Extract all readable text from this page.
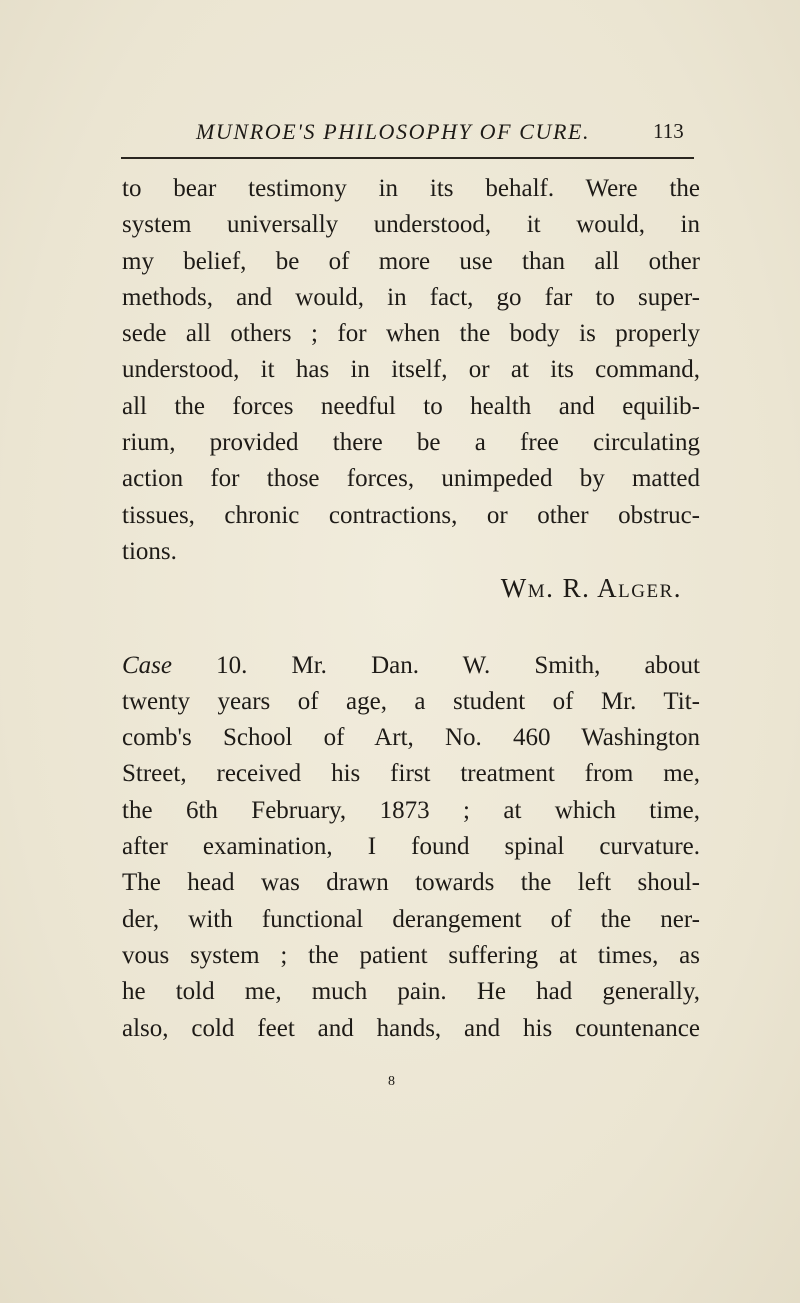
MUNROE'S PHILOSOPHY OF CURE.	113
to bear testimony in its behalf. Were the
system universally understood, it would, in
my belief, be of more use than all other
methods, and would, in fact, go far to super-
sede all others ; for when the body is properly
understood, it has in itself, or at its command,
all the forces needful to health and equilib-
rium, provided there be a free circulating
action for those forces, unimpeded by matted
tissues, chronic contractions, or other obstruc-
tions.
Wm. R. Alger.
Case 10. Mr. Dan. W. Smith, about
twenty years of age, a student of Mr. Tit-
comb's School of Art, No. 460 Washington
Street, received his first treatment from me,
the 6th February, 1873 ; at which time,
after examination, I found spinal curvature.
The head was drawn towards the left shoul-
der, with functional derangement of the ner-
vous system ; the patient suffering at times, as
he told me, much pain. He had generally,
also, cold feet and hands, and his countenance
8
